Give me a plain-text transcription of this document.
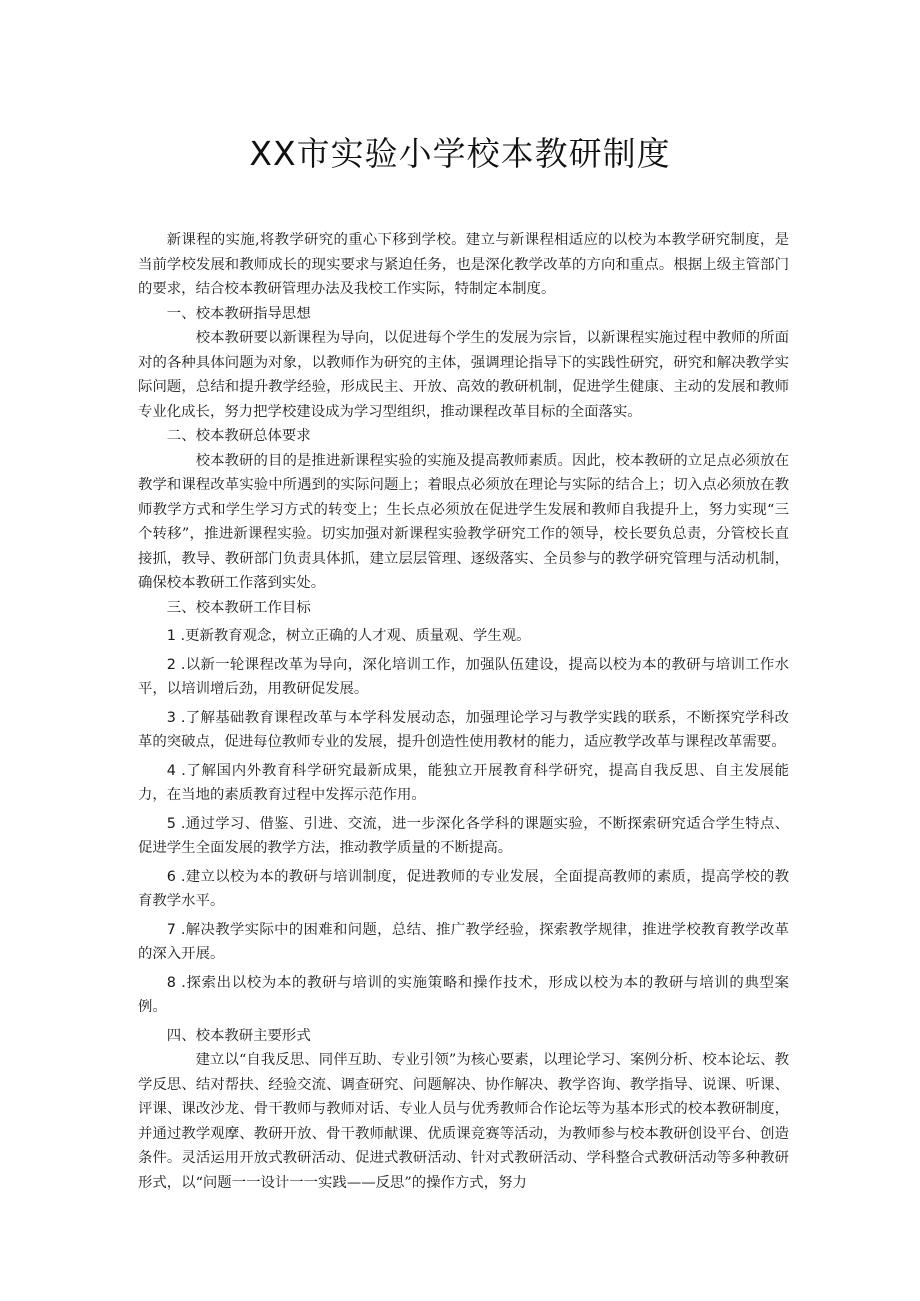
XX市实验小学校本教研制度

新课程的实施,将教学研究的重心下移到学校。建立与新课程相适应的以校为本教学研究制度，是当前学校发展和教师成长的现实要求与紧迫任务，也是深化教学改革的方向和重点。根据上级主管部门的要求，结合校本教研管理办法及我校工作实际，特制定本制度。

一、校本教研指导思想

校本教研要以新课程为导向，以促进每个学生的发展为宗旨，以新课程实施过程中教师的所面对的各种具体问题为对象，以教师作为研究的主体，强调理论指导下的实践性研究，研究和解决教学实际问题，总结和提升教学经验，形成民主、开放、高效的教研机制，促进学生健康、主动的发展和教师专业化成长，努力把学校建设成为学习型组织，推动课程改革目标的全面落实。

二、校本教研总体要求

校本教研的目的是推进新课程实验的实施及提高教师素质。因此，校本教研的立足点必须放在教学和课程改革实验中所遇到的实际问题上；着眼点必须放在理论与实际的结合上；切入点必须放在教师教学方式和学生学习方式的转变上；生长点必须放在促进学生发展和教师自我提升上，努力实现“三个转移”，推进新课程实验。切实加强对新课程实验教学研究工作的领导，校长要负总责，分管校长直接抓，教导、教研部门负责具体抓，建立层层管理、逐级落实、全员参与的教学研究管理与活动机制，确保校本教研工作落到实处。

三、校本教研工作目标

1 .更新教育观念，树立正确的人才观、质量观、学生观。

2 .以新一轮课程改革为导向，深化培训工作，加强队伍建设，提高以校为本的教研与培训工作水平，以培训增后劲，用教研促发展。

3 .了解基础教育课程改革与本学科发展动态，加强理论学习与教学实践的联系，不断探究学科改革的突破点，促进每位教师专业的发展，提升创造性使用教材的能力，适应教学改革与课程改革需要。

4 .了解国内外教育科学研究最新成果，能独立开展教育科学研究，提高自我反思、自主发展能力，在当地的素质教育过程中发挥示范作用。

5 .通过学习、借鉴、引进、交流，进一步深化各学科的课题实验，不断探索研究适合学生特点、促进学生全面发展的教学方法，推动教学质量的不断提高。

6 .建立以校为本的教研与培训制度，促进教师的专业发展，全面提高教师的素质，提高学校的教育教学水平。

7 .解决教学实际中的困难和问题，总结、推广教学经验，探索教学规律，推进学校教育教学改革的深入开展。

8 .探索出以校为本的教研与培训的实施策略和操作技术，形成以校为本的教研与培训的典型案例。

四、校本教研主要形式

建立以“自我反思、同伴互助、专业引领”为核心要素，以理论学习、案例分析、校本论坛、教学反思、结对帮扶、经验交流、调查研究、问题解决、协作解决、教学咨询、教学指导、说课、听课、评课、课改沙龙、骨干教师与教师对话、专业人员与优秀教师合作论坛等为基本形式的校本教研制度，并通过教学观摩、教研开放、骨干教师献课、优质课竞赛等活动，为教师参与校本教研创设平台、创造条件。灵活运用开放式教研活动、促进式教研活动、针对式教研活动、学科整合式教研活动等多种教研形式，以“问题一一设计一一实践——反思”的操作方式，努力
